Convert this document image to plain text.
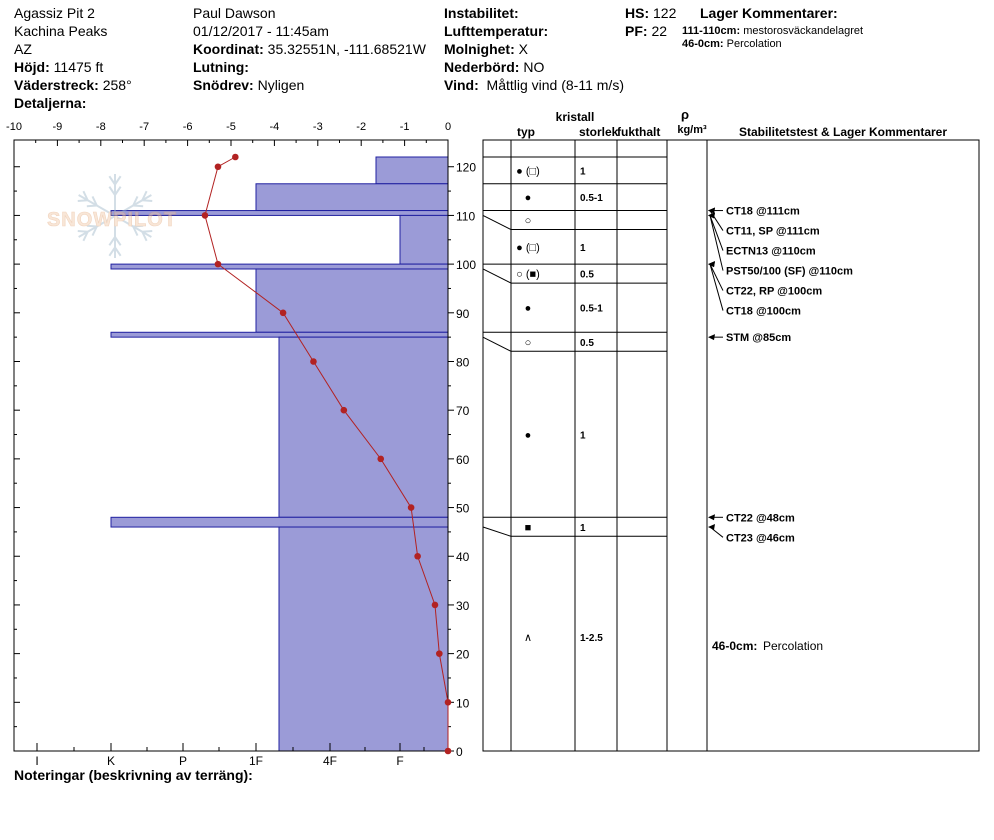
Agassiz Pit 2
Kachina Peaks
AZ
Höjd: 11475 ft
Väderstreck: 258°
Detaljerna:
Paul Dawson
01/12/2017 - 11:45am
Koordinat: 35.32551N, -111.68521W
Lutning:
Snödrev: Nyligen
Instabilitet:
Lufttemperatur:
Molnighet: X
Nederbörd: NO
Vind: Måttlig vind (8-11 m/s)
HS: 122
PF: 22
Lager Kommentarer:
111-110cm: mestorosväckandelagret
46-0cm: Percolation
SNOWPILOT
-10	-9	-8	-7	-6	-5	-4	-3	-2	-1	0
I	K	P	1F	4F	F
0
10
20
30
40
50
60
70
80
90
100
110
120
kristall
typ	storlek
fukthalt
ρ
kg/m³	Stabilitetstest & Lager Kommentarer
● (□)	1
●	0.5-1
○
● (□)	1
○ (■)	0.5
●	0.5-1
○	0.5
●	1
■	1
∧	1-2.5
CT18 @111cm
CT11, SP @111cm
ECTN13 @110cm
PST50/100 (SF) @110cm
CT22, RP @100cm
CT18 @100cm
STM @85cm
CT22 @48cm
CT23 @46cm
46-0cm: Percolation
Noteringar (beskrivning av terräng):
